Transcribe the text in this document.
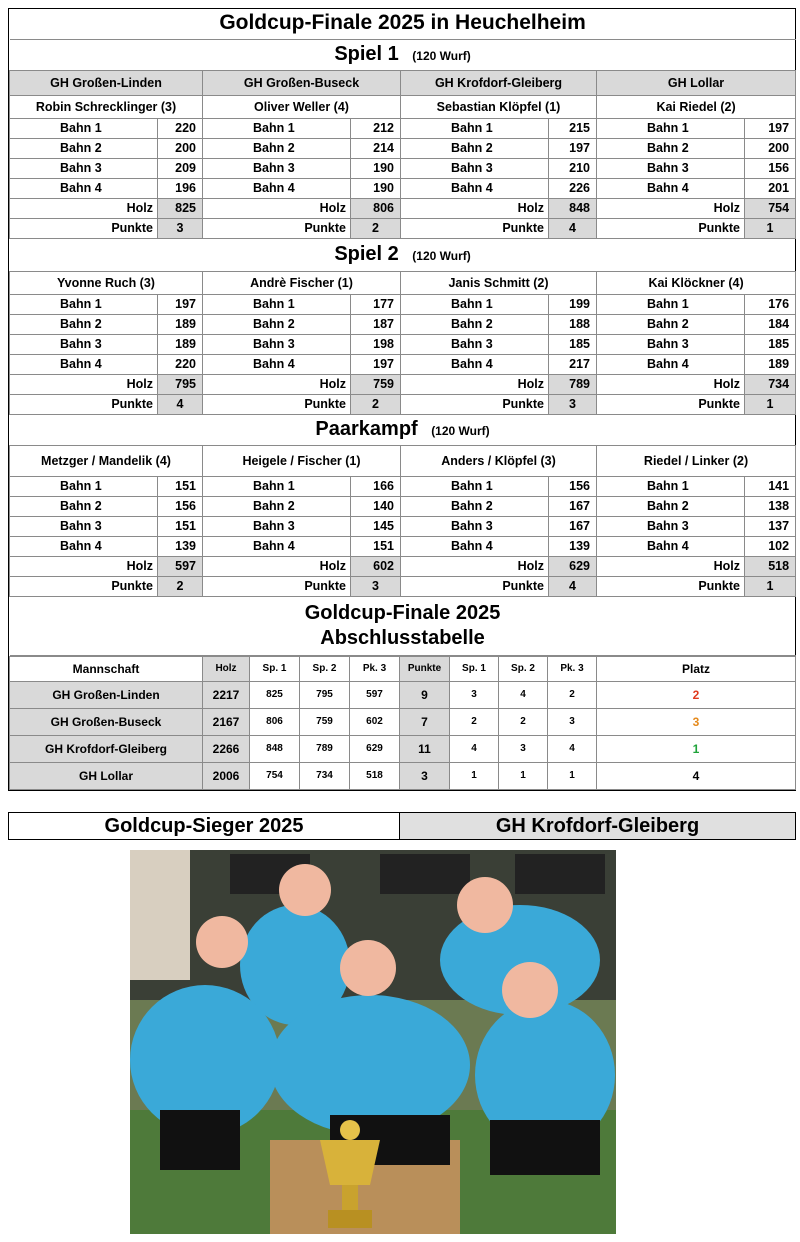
Goldcup-Finale 2025 in Heuchelheim							
Spiel 1 (120 Wurf)							
GH Großen-Linden		GH Großen-Buseck		GH Krofdorf-Gleiberg		GH Lollar	
Robin Schrecklinger (3)		Oliver Weller (4)		Sebastian Klöpfel (1)		Kai Riedel (2)	
Bahn 1	220	Bahn 1	212	Bahn 1	215	Bahn 1	197
Bahn 2	200	Bahn 2	214	Bahn 2	197	Bahn 2	200
Bahn 3	209	Bahn 3	190	Bahn 3	210	Bahn 3	156
Bahn 4	196	Bahn 4	190	Bahn 4	226	Bahn 4	201
Holz	825	Holz	806	Holz	848	Holz	754
Punkte	3	Punkte	2	Punkte	4	Punkte	1
Spiel 2 (120 Wurf)							
Yvonne Ruch (3)		Andrè Fischer (1)		Janis Schmitt (2)		Kai Klöckner (4)	
Bahn 1	197	Bahn 1	177	Bahn 1	199	Bahn 1	176
Bahn 2	189	Bahn 2	187	Bahn 2	188	Bahn 2	184
Bahn 3	189	Bahn 3	198	Bahn 3	185	Bahn 3	185
Bahn 4	220	Bahn 4	197	Bahn 4	217	Bahn 4	189
Holz	795	Holz	759	Holz	789	Holz	734
Punkte	4	Punkte	2	Punkte	3	Punkte	1
Paarkampf (120 Wurf)							
Metzger / Mandelik (4)		Heigele / Fischer (1)		Anders / Klöpfel (3)		Riedel / Linker (2)	
Bahn 1	151	Bahn 1	166	Bahn 1	156	Bahn 1	141
Bahn 2	156	Bahn 2	140	Bahn 2	167	Bahn 2	138
Bahn 3	151	Bahn 3	145	Bahn 3	167	Bahn 3	137
Bahn 4	139	Bahn 4	151	Bahn 4	139	Bahn 4	102
Holz	597	Holz	602	Holz	629	Holz	518
Punkte	2	Punkte	3	Punkte	4	Punkte	1

Goldcup-Finale 2025
Abschlusstabelle							
Mannschaft	Holz	Sp. 1	Sp. 2	Pk. 3	Punkte	Sp. 1	Sp. 2	Pk. 3	Platz
GH Großen-Linden	2217	825	795	597	9	3	4	2	2
GH Großen-Buseck	2167	806	759	602	7	2	2	3	3
GH Krofdorf-Gleiberg	2266	848	789	629	11	4	3	4	1
GH Lollar	2006	754	734	518	3	1	1	1	4
Goldcup-Sieger 2025	GH Krofdorf-Gleiberg
